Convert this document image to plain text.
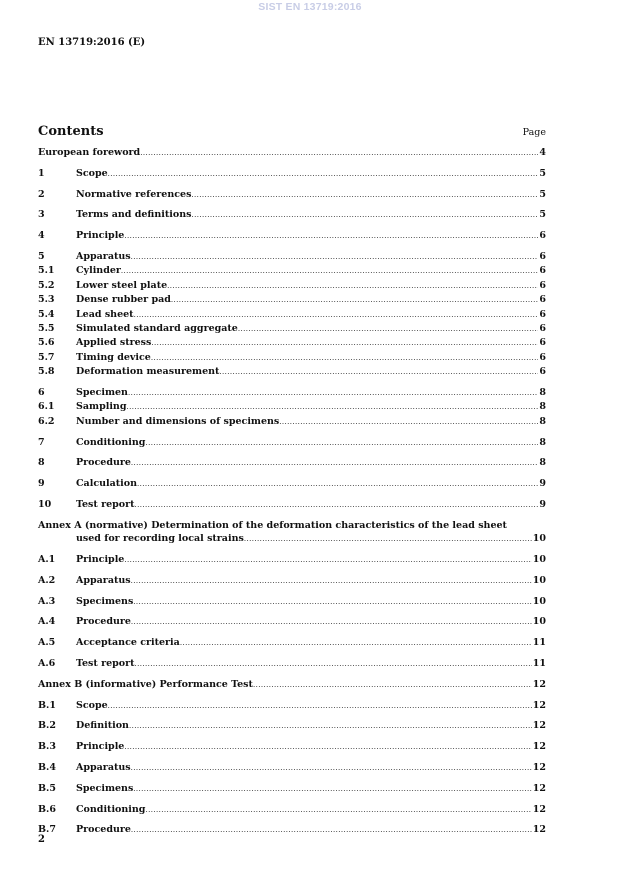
SIST EN 13719:2016
EN 13719:2016 (E)
Contents	Page
European foreword .....	4
1	Scope .....	5
2	Normative references .....	5
3	Terms and definitions .....	5
4	Principle .....	6
5	Apparatus .....	6
5.1	Cylinder .....	6
5.2	Lower steel plate .....	6
5.3	Dense rubber pad .....	6
5.4	Lead sheet .....	6
5.5	Simulated standard aggregate .....	6
5.6	Applied stress .....	6
5.7	Timing device .....	6
5.8	Deformation measurement .....	6
6	Specimen .....	8
6.1	Sampling .....	8
6.2	Number and dimensions of specimens .....	8
7	Conditioning .....	8
8	Procedure .....	8
9	Calculation .....	9
10	Test report .....	9
Annex A (normative) Determination of the deformation characteristics of the lead sheet
used for recording local strains .....	10
A.1	Principle .....	10
A.2	Apparatus .....	10
A.3	Specimens .....	10
A.4	Procedure .....	10
A.5	Acceptance criteria .....	11
A.6	Test report .....	11
Annex B (informative) Performance Test .....	12
B.1	Scope .....	12
B.2	Definition .....	12
B.3	Principle .....	12
B.4	Apparatus .....	12
B.5	Specimens .....	12
B.6	Conditioning .....	12
B.7	Procedure .....	12
2
